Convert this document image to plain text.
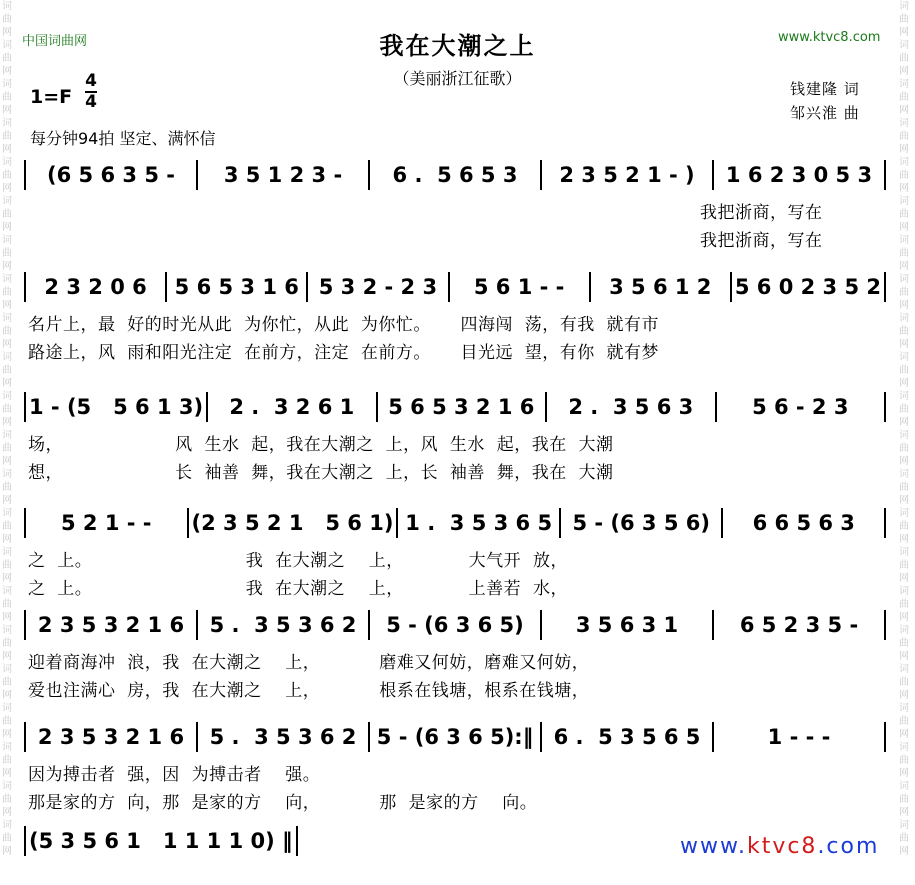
词曲网词曲网词曲网词曲网词曲网词曲网词曲网词曲网词曲网词曲网词曲网词曲网词曲网词曲网词曲网词曲网词曲网词曲网词曲网词曲网词曲网词曲网
词曲网词曲网词曲网词曲网词曲网词曲网词曲网词曲网词曲网词曲网词曲网词曲网词曲网词曲网词曲网词曲网词曲网词曲网词曲网词曲网词曲网词曲网
中国词曲网	www.ktvc8.com
我在大潮之上
（美丽浙江征歌）
1=F
4
4
钱建隆 词
邹兴淮 曲
每分钟94拍 坚定、满怀信
(6 5 6 3 5 -	3 5 1 2 3 -	6 .  5 6 5 3	2 3 5 2 1 - )	1 6 2 3 0 5 3
我把浙商，写在
我把浙商，写在
2 3 2 0 6	5 6 5 3 1 6 5 3 2 - 2 3	5 6 1 - -	3 5 6 1 2	5 6 0 2 3 5 2
名片上，最  好的时光从此  为你忙，从此  为你忙。     四海闯  荡，有我  就有市
路途上，风  雨和阳光注定  在前方，注定  在前方。     目光远  望，有你  就有梦
1 - (5   5 6 1 3)	2 .  3 2 6 1	5 6 5 3 2 1 6	2 .  3 5 6 3	5 6 - 2 3
场，                   风  生水  起，我在大潮之  上，风  生水  起，我在  大潮
想，                   长  袖善  舞，我在大潮之  上，长  袖善  舞，我在  大潮
5 2 1 - -	(2 3 5 2 1   5 6 1) 1 .  3 5 3 6 5 5 - (6 3 5 6)	6 6 5 6 3
之  上。                          我  在大潮之    上，           大气开  放，
之  上。                          我  在大潮之    上，           上善若  水，
2 3 5 3 2 1 6	5 .  3 5 3 6 2	5 - (6 3 6 5)	3 5 6 3 1	6 5 2 3 5 -
迎着商海冲  浪，我  在大潮之    上，          磨难又何妨，磨难又何妨，
爱也注满心  房，我  在大潮之    上，          根系在钱塘，根系在钱塘，
2 3 5 3 2 1 6	5 .  3 5 3 6 2 5 - (6 3 6 5):‖ 6 .  5 3 5 6 5	1 - - -
因为搏击者  强，因  为搏击者    强。
那是家的方  向，那  是家的方    向，          那  是家的方    向。
(5 3 5 6 1   1 1 1 1 0) ‖	www.ktvc8.com
